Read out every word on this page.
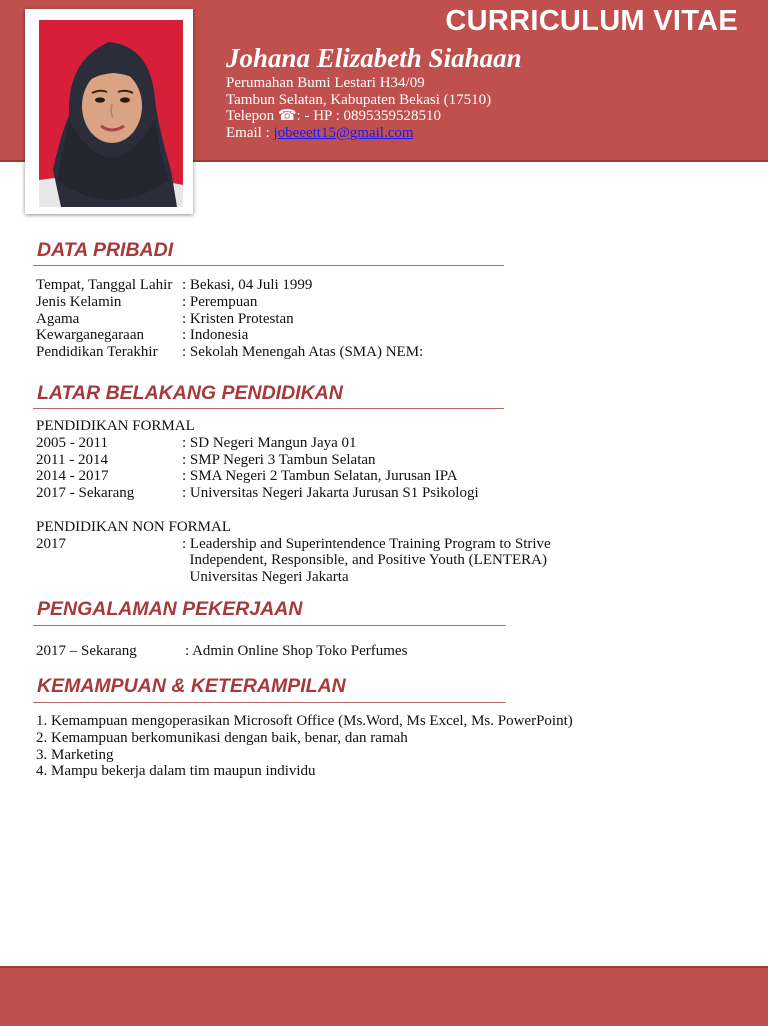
CURRICULUM VITAE
Johana Elizabeth Siahaan
Perumahan Bumi Lestari H34/09
Tambun Selatan, Kabupaten Bekasi (17510)
Telepon ☎: - HP : 0895359528510
Email : jobeeett15@gmail.com
DATA PRIBADI
Tempat, Tanggal Lahir : Bekasi, 04 Juli 1999
Jenis Kelamin	: Perempuan
Agama	: Kristen Protestan
Kewarganegaraan	: Indonesia
Pendidikan Terakhir	: Sekolah Menengah Atas (SMA) NEM:
LATAR BELAKANG PENDIDIKAN
PENDIDIKAN FORMAL
2005 - 2011	: SD Negeri Mangun Jaya 01
2011 - 2014	: SMP Negeri 3 Tambun Selatan
2014 - 2017	: SMA Negeri 2 Tambun Selatan, Jurusan IPA
2017 - Sekarang	: Universitas Negeri Jakarta Jurusan S1 Psikologi
PENDIDIKAN NON FORMAL
2017	: Leadership and Superintendence Training Program to Strive
Independent, Responsible, and Positive Youth (LENTERA)
Universitas Negeri Jakarta
PENGALAMAN PEKERJAAN
2017 – Sekarang	: Admin Online Shop Toko Perfumes
KEMAMPUAN & KETERAMPILAN
1. Kemampuan mengoperasikan Microsoft Office (Ms.Word, Ms Excel, Ms. PowerPoint)
2. Kemampuan berkomunikasi dengan baik, benar, dan ramah
3. Marketing
4. Mampu bekerja dalam tim maupun individu
